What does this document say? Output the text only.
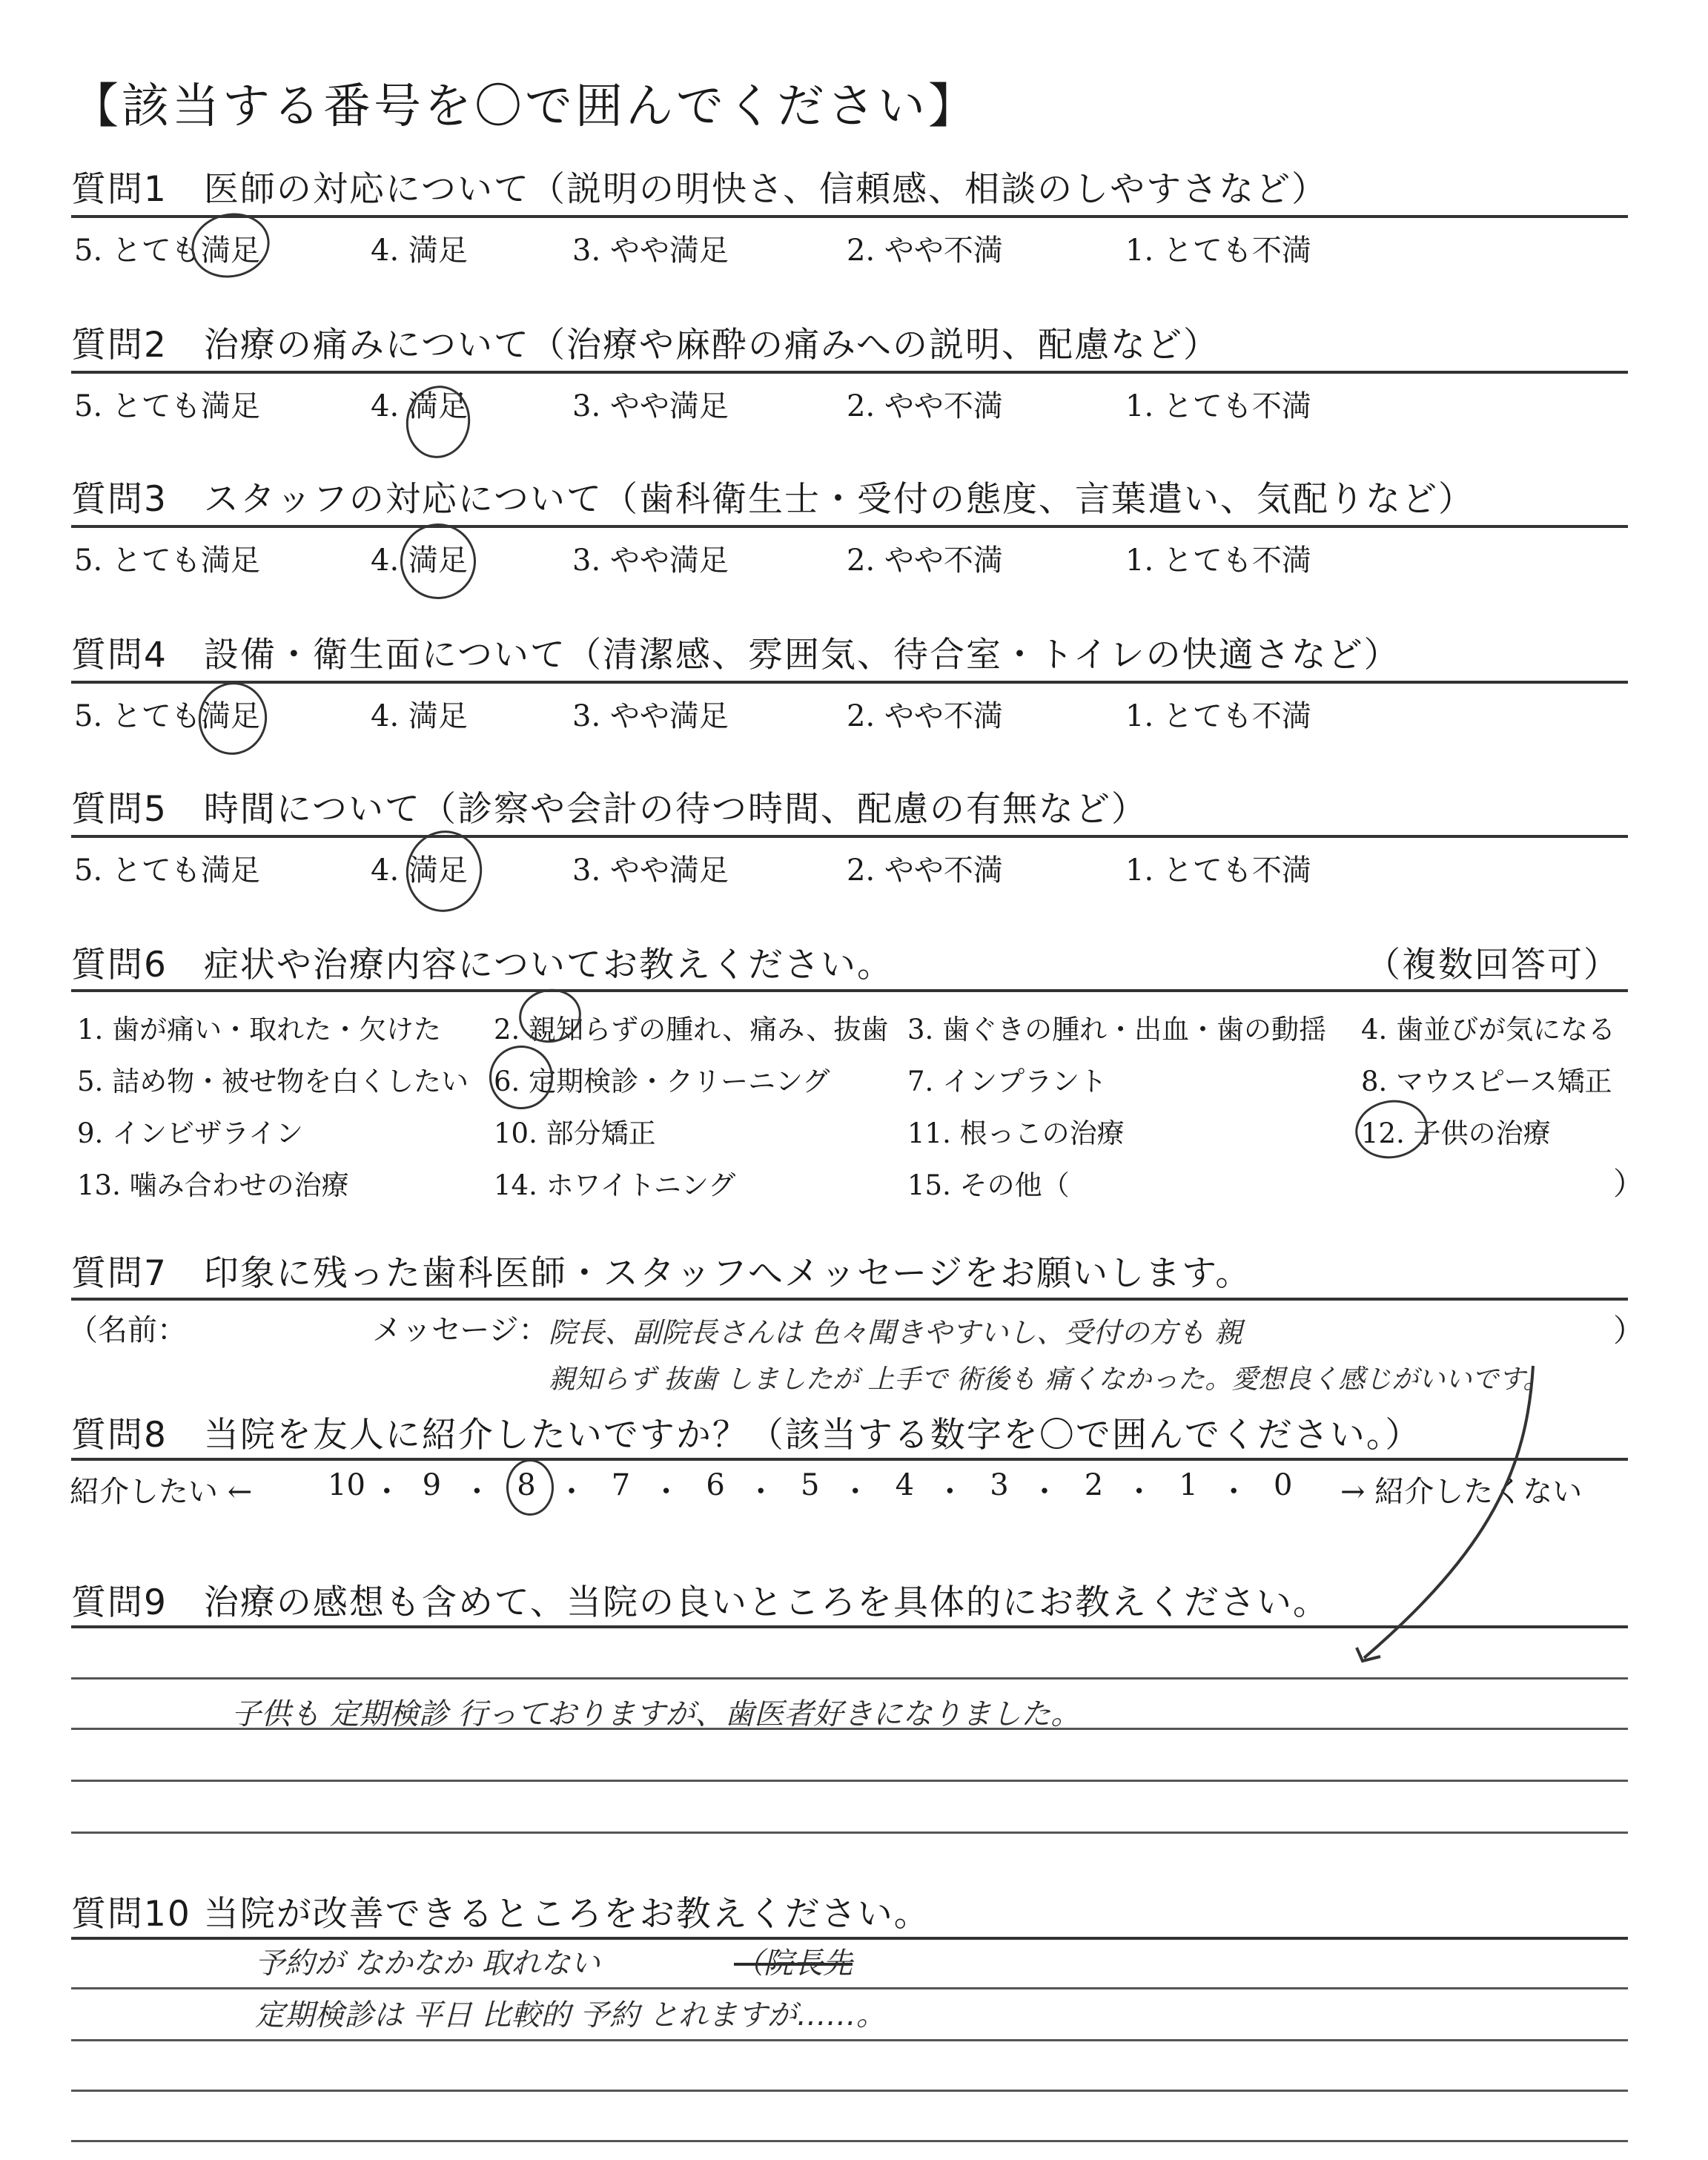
【該当する番号を〇で囲んでください】
質問1　医師の対応について（説明の明快さ、信頼感、相談のしやすさなど）
5. とても満足	4. 満足	3. やや満足	2. やや不満	1. とても不満
質問2　治療の痛みについて（治療や麻酔の痛みへの説明、配慮など）
5. とても満足	4. 満足	3. やや満足	2. やや不満	1. とても不満
質問3　スタッフの対応について（歯科衛生士・受付の態度、言葉遣い、気配りなど）
5. とても満足	4. 満足	3. やや満足	2. やや不満	1. とても不満
質問4　設備・衛生面について（清潔感、雰囲気、待合室・トイレの快適さなど）
5. とても満足	4. 満足	3. やや満足	2. やや不満	1. とても不満
質問5　時間について（診察や会計の待つ時間、配慮の有無など）
5. とても満足	4. 満足	3. やや満足	2. やや不満	1. とても不満
質問6　症状や治療内容についてお教えください。	（複数回答可）
1. 歯が痛い・取れた・欠けた 2. 親知らずの腫れ、痛み、抜歯 3. 歯ぐきの腫れ・出血・歯の動揺 4. 歯並びが気になる
5. 詰め物・被せ物を白くしたい 6. 定期検診・クリーニング	7. インプラント	8. マウスピース矯正
9. インビザライン	10. 部分矯正	11. 根っこの治療	12. 子供の治療
13. 噛み合わせの治療	14. ホワイトニング	15. その他（	）
質問7　印象に残った歯科医師・スタッフへメッセージをお願いします。
（名前：	メッセージ：	）
院長、副院長さんは 色々聞きやすいし、受付の方も 親
親知らず 抜歯 しましたが 上手で 術後も 痛くなかった。愛想良く感じがいいです。
質問8　当院を友人に紹介したいですか？（該当する数字を〇で囲んでください。）
紹介したい ←	→ 紹介したくない
10 ・ 9 ・ 8 ・ 7 ・ 6 ・ 5 ・ 4 ・ 3 ・ 2 ・ 1 ・ 0
質問9　治療の感想も含めて、当院の良いところを具体的にお教えください。
子供も 定期検診 行っておりますが、歯医者好きになりました。
質問10 当院が改善できるところをお教えください。
予約が なかなか 取れない	（院長先
定期検診は 平日 比較的 予約 とれますが……。
